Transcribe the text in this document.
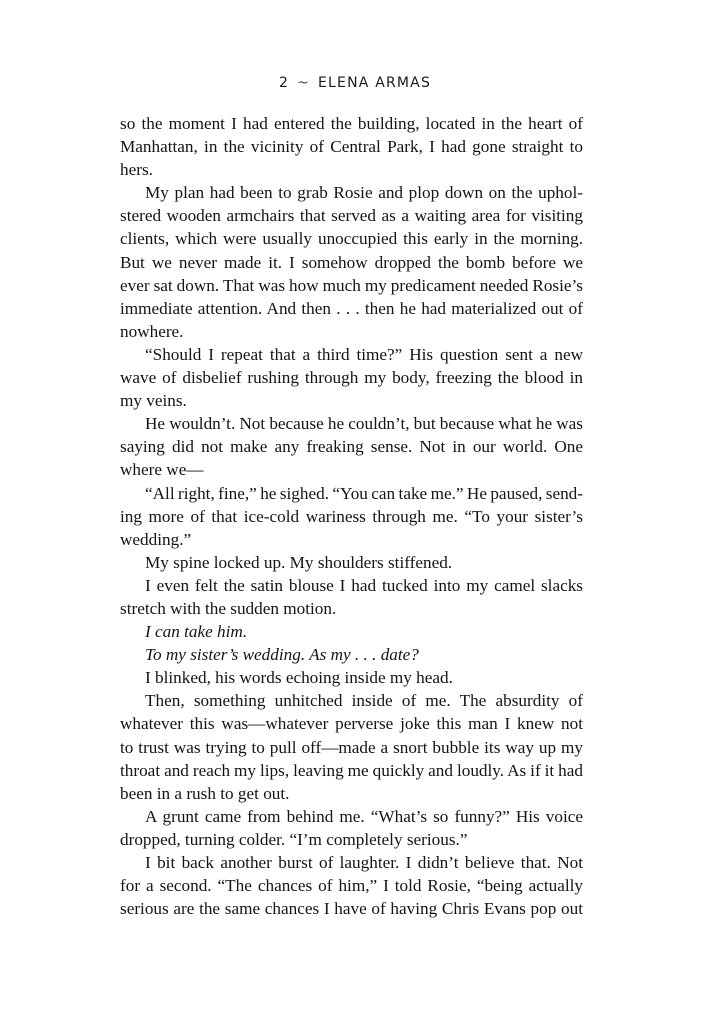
2 ~ ELENA ARMAS
so the moment I had entered the building, located in the heart of
Manhattan, in the vicinity of Central Park, I had gone straight to
hers.
My plan had been to grab Rosie and plop down on the uphol-
stered wooden armchairs that served as a waiting area for visiting
clients, which were usually unoccupied this early in the morning.
But we never made it. I somehow dropped the bomb before we
ever sat down. That was how much my predicament needed Rosie’s
immediate attention. And then . . . then he had materialized out of
nowhere.
“Should I repeat that a third time?” His question sent a new
wave of disbelief rushing through my body, freezing the blood in
my veins.
He wouldn’t. Not because he couldn’t, but because what he was
saying did not make any freaking sense. Not in our world. One
where we—
“All right, fine,” he sighed. “You can take me.” He paused, send-
ing more of that ice-cold wariness through me. “To your sister’s
wedding.”
My spine locked up. My shoulders stiffened.
I even felt the satin blouse I had tucked into my camel slacks
stretch with the sudden motion.
I can take him.
To my sister’s wedding. As my . . . date?
I blinked, his words echoing inside my head.
Then, something unhitched inside of me. The absurdity of
whatever this was—whatever perverse joke this man I knew not
to trust was trying to pull off—made a snort bubble its way up my
throat and reach my lips, leaving me quickly and loudly. As if it had
been in a rush to get out.
A grunt came from behind me. “What’s so funny?” His voice
dropped, turning colder. “I’m completely serious.”
I bit back another burst of laughter. I didn’t believe that. Not
for a second. “The chances of him,” I told Rosie, “being actually
serious are the same chances I have of having Chris Evans pop out
